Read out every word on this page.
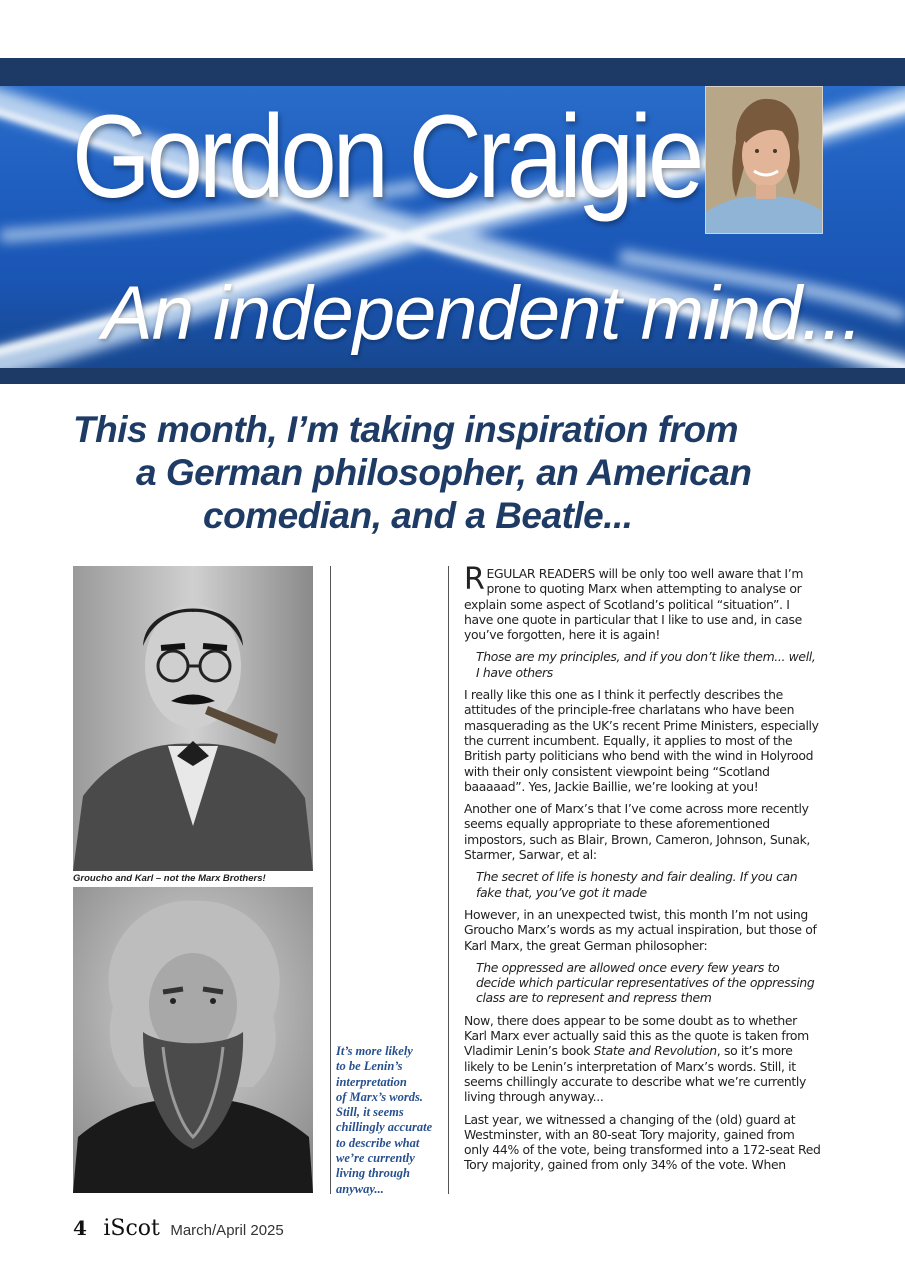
Gordon Craigie
An independent mind...
This month, I’m taking inspiration from
a German philosopher, an American
comedian, and a Beatle...
Groucho and Karl – not the Marx Brothers!
It’s more likely
to be Lenin’s
interpretation
of Marx’s words.
Still, it seems
chillingly accurate
to describe what
we’re currently
living through
anyway...

REGULAR READERS will be only too well aware that I’m prone to quoting Marx when attempting to analyse or explain some aspect of Scotland’s political “situation”. I have one quote in particular that I like to use and, in case you’ve forgotten, here it is again!

Those are my principles, and if you don’t like them... well, I have others

I really like this one as I think it perfectly describes the attitudes of the principle-free charlatans who have been masquerading as the UK’s recent Prime Ministers, especially the current incumbent. Equally, it applies to most of the British party politicians who bend with the wind in Holyrood with their only consistent viewpoint being “Scotland baaaaad”. Yes, Jackie Baillie, we’re looking at you!

Another one of Marx’s that I’ve come across more recently seems equally appropriate to these aforementioned impostors, such as Blair, Brown, Cameron, Johnson, Sunak, Starmer, Sarwar, et al:

The secret of life is honesty and fair dealing. If you can fake that, you’ve got it made

However, in an unexpected twist, this month I’m not using Groucho Marx’s words as my actual inspiration, but those of Karl Marx, the great German philosopher:

The oppressed are allowed once every few years to decide which particular representatives of the oppressing class are to represent and repress them

Now, there does appear to be some doubt as to whether Karl Marx ever actually said this as the quote is taken from Vladimir Lenin’s book State and Revolution, so it’s more likely to be Lenin’s interpretation of Marx’s words. Still, it seems chillingly accurate to describe what we’re currently living through anyway...

Last year, we witnessed a changing of the (old) guard at Westminster, with an 80-seat Tory majority, gained from only 44% of the vote, being transformed into a 172-seat Red Tory majority, gained from only 34% of the vote. When

4 iScot March/April 2025
